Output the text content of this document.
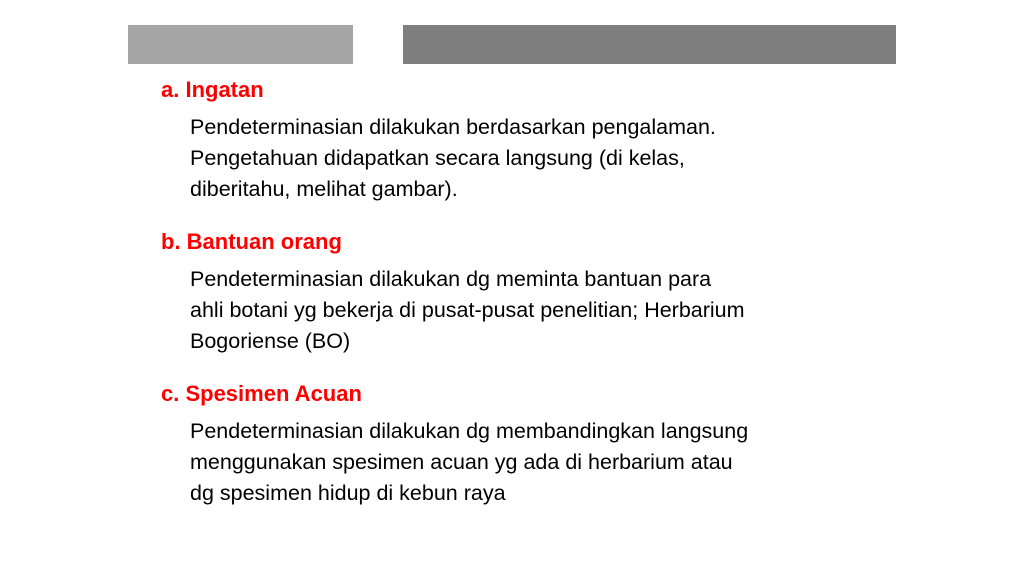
a. Ingatan
Pendeterminasian dilakukan berdasarkan pengalaman.
Pengetahuan didapatkan secara langsung (di kelas,
diberitahu, melihat gambar).
b. Bantuan orang
Pendeterminasian dilakukan dg meminta bantuan para
ahli botani yg bekerja di pusat-pusat penelitian; Herbarium
Bogoriense (BO)
c. Spesimen Acuan
Pendeterminasian dilakukan dg membandingkan langsung
menggunakan spesimen acuan yg ada di herbarium atau
dg spesimen hidup di kebun raya
